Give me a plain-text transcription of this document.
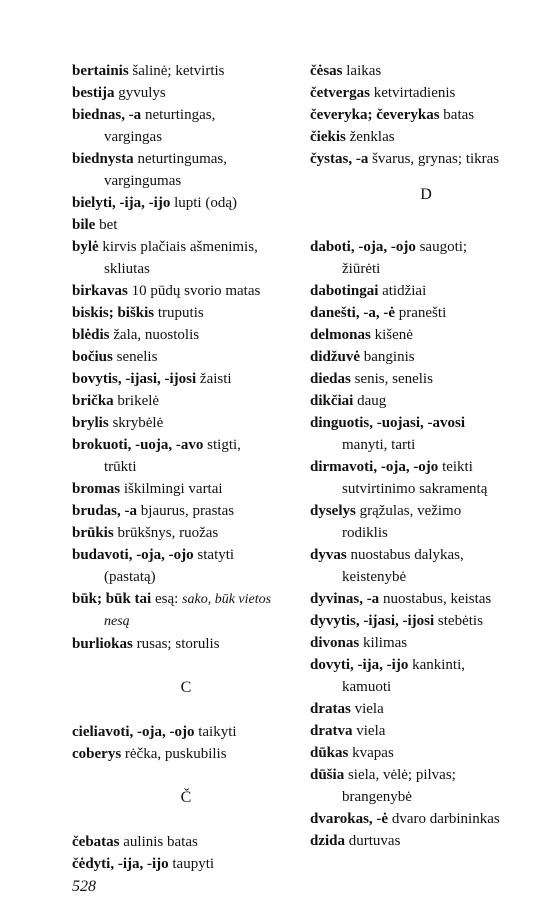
bertainis šalinė; ketvirtis
bestija gyvulys
biednas, -a neturtingas,
vargingas
biednysta neturtingumas,
vargingumas
bielyti, -ija, -ijo lupti (odą)
bile bet
bylė kirvis plačiais ašmenimis,
skliutas
birkavas 10 pūdų svorio matas
biskis; biškis truputis
blėdis žala, nuostolis
bočius senelis
bovytis, -ijasi, -ijosi žaisti
brička brikelė
brylis skrybėlė
brokuoti, -uoja, -avo stigti,
trūkti
bromas iškilmingi vartai
brudas, -a bjaurus, prastas
brūkis brūkšnys, ruožas
budavoti, -oja, -ojo statyti
(pastatą)
būk; būk tai esą: sako, būk vietos
nesą
burliokas rusas; storulis
C
cieliavoti, -oja, -ojo taikyti
coberys rėčka, puskubilis
Č
čebatas aulinis batas
čėdyti, -ija, -ijo taupyti
čėsas laikas
četvergas ketvirtadienis
čeveryka; čeverykas batas
čiekis ženklas
čystas, -a švarus, grynas; tikras
D
daboti, -oja, -ojo saugoti;
žiūrėti
dabotingai atidžiai
danešti, -a, -ė pranešti
delmonas kišenė
didžuvė banginis
diedas senis, senelis
dikčiai daug
dinguotis, -uojasi, -avosi
manyti, tarti
dirmavoti, -oja, -ojo teikti
sutvirtinimo sakramentą
dyselys grąžulas, vežimo
rodiklis
dyvas nuostabus dalykas,
keistenybė
dyvinas, -a nuostabus, keistas
dyvytis, -ijasi, -ijosi stebėtis
divonas kilimas
dovyti, -ija, -ijo kankinti,
kamuoti
dratas viela
dratva viela
dūkas kvapas
dūšia siela, vėlė; pilvas;
brangenybė
dvarokas, -ė dvaro darbininkas
dzida durtuvas
528
